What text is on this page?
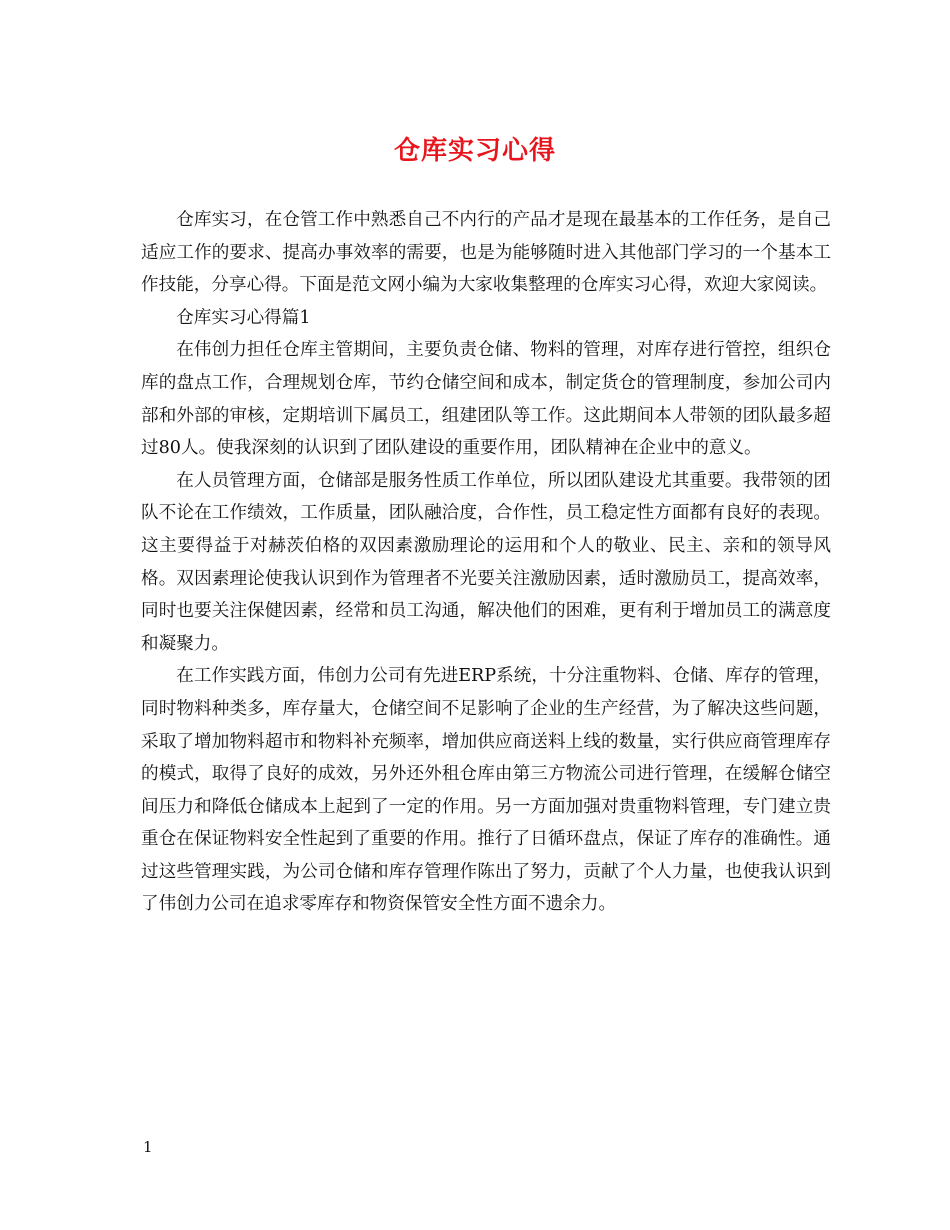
仓库实习心得

仓库实习，在仓管工作中熟悉自己不内行的产品才是现在最基本的工作任务，是自己适应工作的要求、提高办事效率的需要，也是为能够随时进入其他部门学习的一个基本工作技能，分享心得。下面是范文网小编为大家收集整理的仓库实习心得，欢迎大家阅读。

仓库实习心得篇1

在伟创力担任仓库主管期间，主要负责仓储、物料的管理，对库存进行管控，组织仓库的盘点工作，合理规划仓库，节约仓储空间和成本，制定货仓的管理制度，参加公司内部和外部的审核，定期培训下属员工，组建团队等工作。这此期间本人带领的团队最多超过80人。使我深刻的认识到了团队建设的重要作用，团队精神在企业中的意义。

在人员管理方面，仓储部是服务性质工作单位，所以团队建设尤其重要。我带领的团队不论在工作绩效，工作质量，团队融洽度，合作性，员工稳定性方面都有良好的表现。这主要得益于对赫茨伯格的双因素激励理论的运用和个人的敬业、民主、亲和的领导风格。双因素理论使我认识到作为管理者不光要关注激励因素，适时激励员工，提高效率，同时也要关注保健因素，经常和员工沟通，解决他们的困难，更有利于增加员工的满意度和凝聚力。

在工作实践方面，伟创力公司有先进ERP系统，十分注重物料、仓储、库存的管理，同时物料种类多，库存量大，仓储空间不足影响了企业的生产经营，为了解决这些问题，采取了增加物料超市和物料补充频率，增加供应商送料上线的数量，实行供应商管理库存的模式，取得了良好的成效，另外还外租仓库由第三方物流公司进行管理，在缓解仓储空间压力和降低仓储成本上起到了一定的作用。另一方面加强对贵重物料管理，专门建立贵重仓在保证物料安全性起到了重要的作用。推行了日循环盘点，保证了库存的准确性。通过这些管理实践，为公司仓储和库存管理作陈出了努力，贡献了个人力量，也使我认识到了伟创力公司在追求零库存和物资保管安全性方面不遗余力。

1
